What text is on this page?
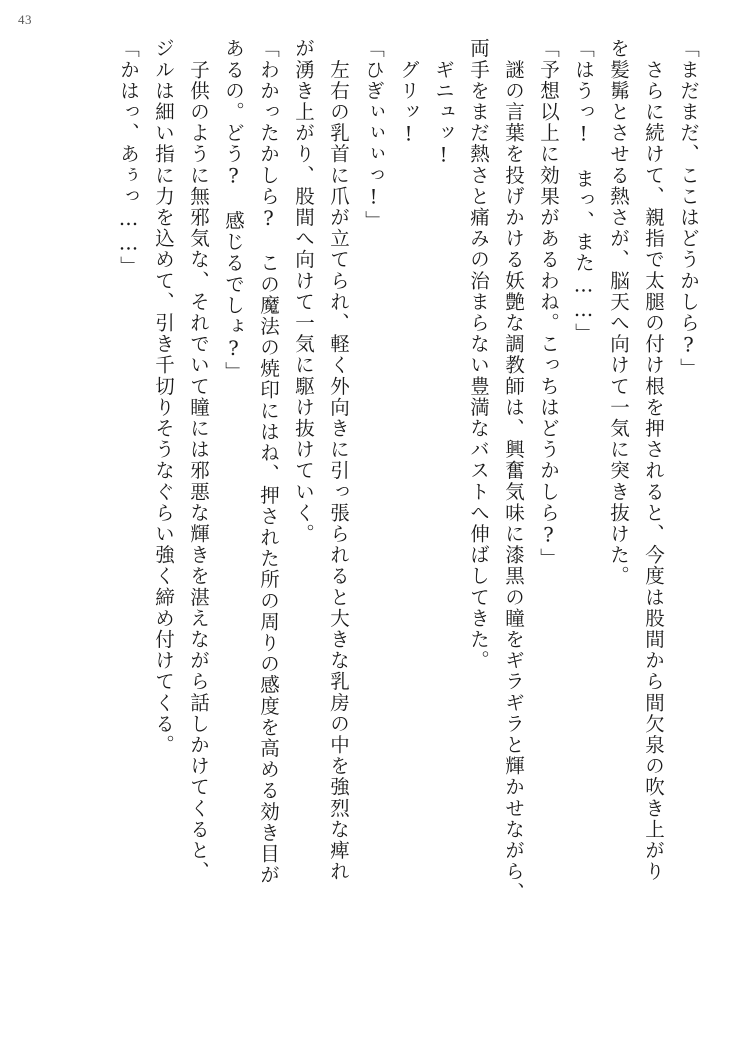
43
「まだまだ、ここはどうかしら?」
　さらに続けて、親指で太腿の付け根を押されると、今度は股間から間欠泉の吹き上がり
を髪髴とさせる熱さが、脳天へ向けて一気に突き抜けた。
「はうっ!　まっ、また……」
「予想以上に効果があるわね。こっちはどうかしら?」
　謎の言葉を投げかける妖艶な調教師は、興奮気味に漆黒の瞳をギラギラと輝かせながら、
両手をまだ熱さと痛みの治まらない豊満なバストへ伸ばしてきた。
　ギニュッ!
　グリッ!
「ひぎぃぃぃっ!」
　左右の乳首に爪が立てられ、軽く外向きに引っ張られると大きな乳房の中を強烈な痺れ
が湧き上がり、股間へ向けて一気に駆け抜けていく。
「わかったかしら?　この魔法の焼印にはね、押された所の周りの感度を高める効き目が
あるの。どう?　感じるでしょ?」
　子供のように無邪気な、それでいて瞳には邪悪な輝きを湛えながら話しかけてくると、
ジルは細い指に力を込めて、引き千切りそうなぐらい強く締め付けてくる。
「かはっ、あぅっ……」
